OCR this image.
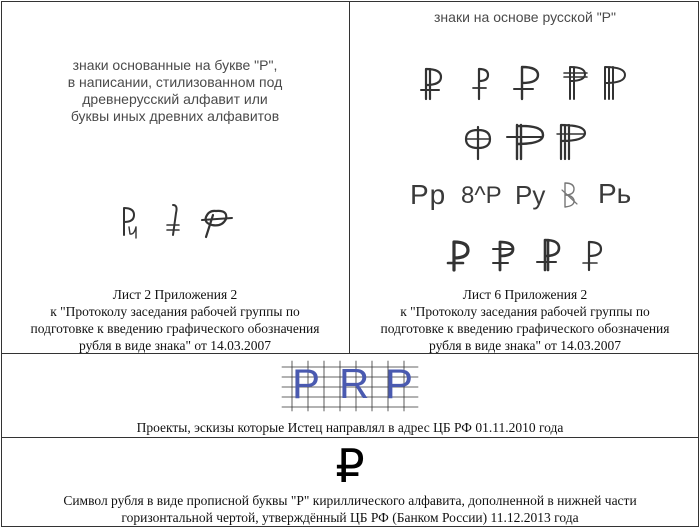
знаки основанные на букве "Р",
в написании, стилизованном под
древнерусский алфавит или
буквы иных древних алфавитов
Лист 2 Приложения 2
к "Протоколу заседания рабочей группы по
подготовке к введению графического обозначения
рубля в виде знака" от 14.03.2007
знаки на основе русской "Р"
Pp 8^P Py Pь
Лист 6 Приложения 2
к "Протоколу заседания рабочей группы по
подготовке к введению графического обозначения
рубля в виде знака" от 14.03.2007
P R P
Проекты, эскизы которые Истец направлял в адрес ЦБ РФ 01.11.2010 года
₽
Символ рубля в виде прописной буквы "Р" кириллического алфавита, дополненной в нижней части
горизонтальной чертой, утверждённый ЦБ РФ (Банком России) 11.12.2013 года
